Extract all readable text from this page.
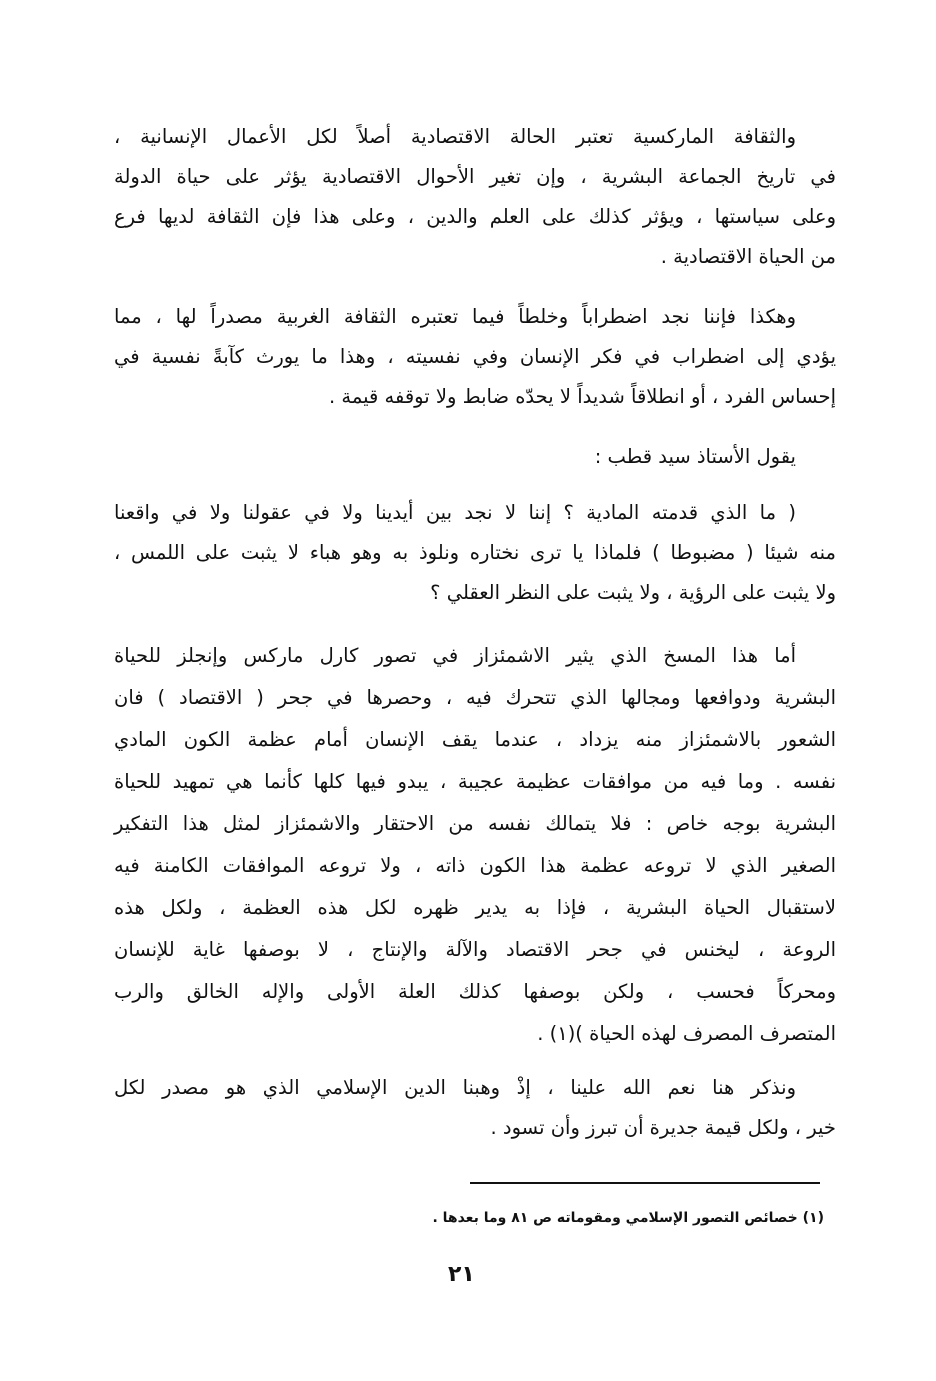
والثقافة الماركسية تعتبر الحالة الاقتصادية أصلاً لكل الأعمال الإنسانية ،
في تاريخ الجماعة البشرية ، وإن تغير الأحوال الاقتصادية يؤثر على حياة الدولة
وعلى سياستها ، ويؤثر كذلك على العلم والدين ، وعلى هذا فإن الثقافة لديها فرع
من الحياة الاقتصادية .
وهكذا فإننا نجد اضطراباً وخلطاً فيما تعتبره الثقافة الغربية مصدراً لها ، مما
يؤدي إلى اضطراب في فكر الإنسان وفي نفسيته ، وهذا ما يورث كآبةً نفسية في
إحساس الفرد ، أو انطلاقاً شديداً لا يحدّه ضابط ولا توقفه قيمة .
يقول الأستاذ سيد قطب :
( ما الذي قدمته المادية ؟ إننا لا نجد بين أيدينا ولا في عقولنا ولا في واقعنا
منه شيئا ( مضبوطا ) فلماذا يا ترى نختاره ونلوذ به وهو هباء لا يثبت على اللمس ،
ولا يثبت على الرؤية ، ولا يثبت على النظر العقلي ؟
أما هذا المسخ الذي يثير الاشمئزاز في تصور كارل ماركس وإنجلز للحياة
البشرية ودوافعها ومجالها الذي تتحرك فيه ، وحصرها في جحر ( الاقتصاد ) فان
الشعور بالاشمئزاز منه يزداد ، عندما يقف الإنسان أمام عظمة الكون المادي
نفسه . وما فيه من موافقات عظيمة عجيبة ، يبدو فيها كلها كأنما هي تمهيد للحياة
البشرية بوجه خاص : فلا يتمالك نفسه من الاحتقار والاشمئزاز لمثل هذا التفكير
الصغير الذي لا تروعه عظمة هذا الكون ذاته ، ولا تروعه الموافقات الكامنة فيه
لاستقبال الحياة البشرية ، فإذا به يدير ظهره لكل هذه العظمة ، ولكل هذه
الروعة ، ليخنس في جحر الاقتصاد والآلة والإنتاج ، لا بوصفها غاية للإنسان
ومحركاً فحسب ، ولكن بوصفها كذلك العلة الأولى والإله الخالق والرب
المتصرف المصرف لهذه الحياة )(١) .
ونذكر هنا نعم الله علينا ، إذْ وهبنا الدين الإسلامي الذي هو مصدر لكل
خير ، ولكل قيمة جديرة أن تبرز وأن تسود .
(١) خصائص التصور الإسلامي ومقوماته ص ٨١ وما بعدها .
٢١
